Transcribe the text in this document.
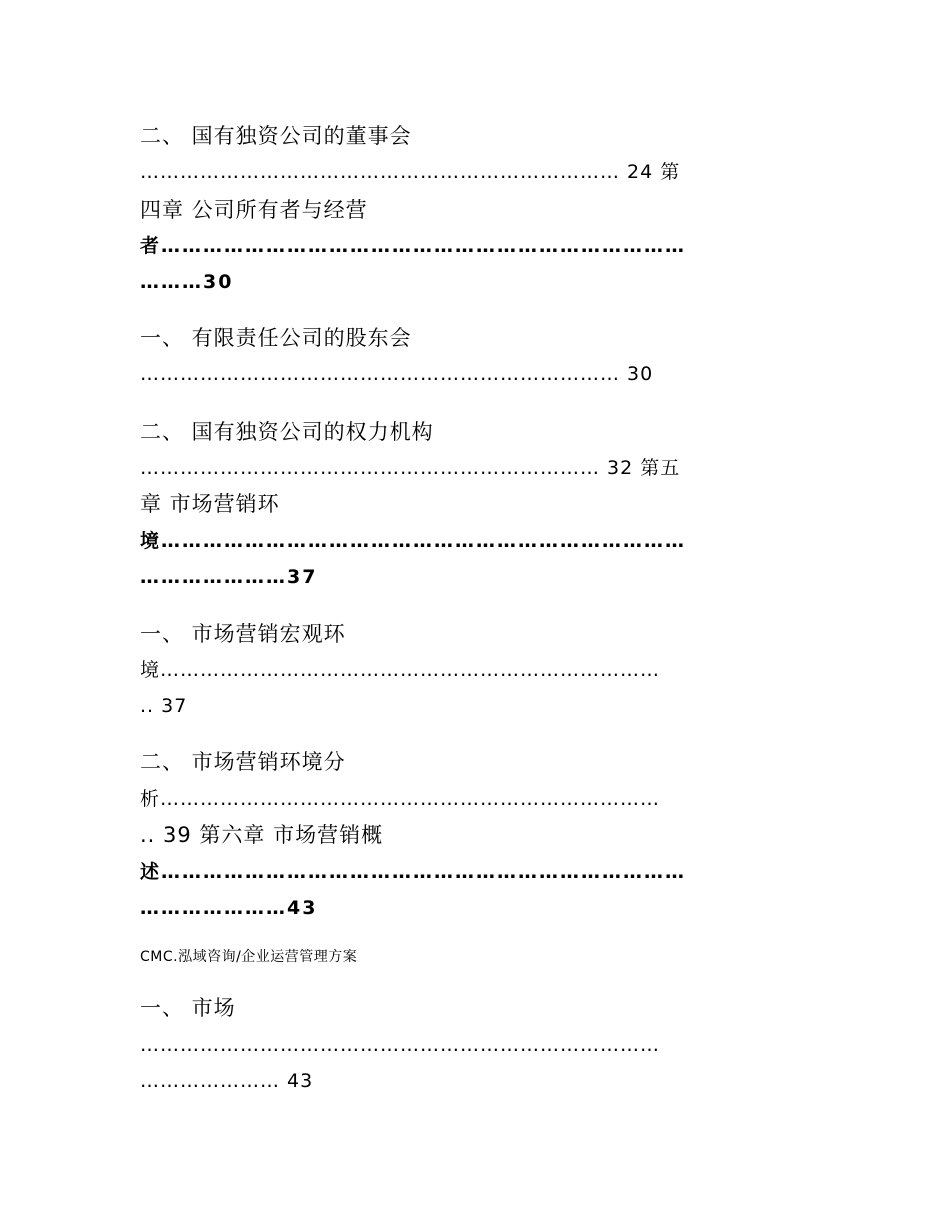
二、 国有独资公司的董事会
……………………………………………………………… 24 第
四章 公司所有者与经营
者…………………………………………………………………
………30
一、 有限责任公司的股东会
……………………………………………………………… 30
二、 国有独资公司的权力机构
…………………………………………………………… 32 第五
章 市场营销环
境…………………………………………………………………
…………………37
一、 市场营销宏观环
境…………………………………………………………………
.. 37
二、 市场营销环境分
析…………………………………………………………………
.. 39 第六章 市场营销概
述…………………………………………………………………
…………………43
CMC.泓域咨询/企业运营管理方案
一、 市场
……………………………………………………………………
………………… 43
